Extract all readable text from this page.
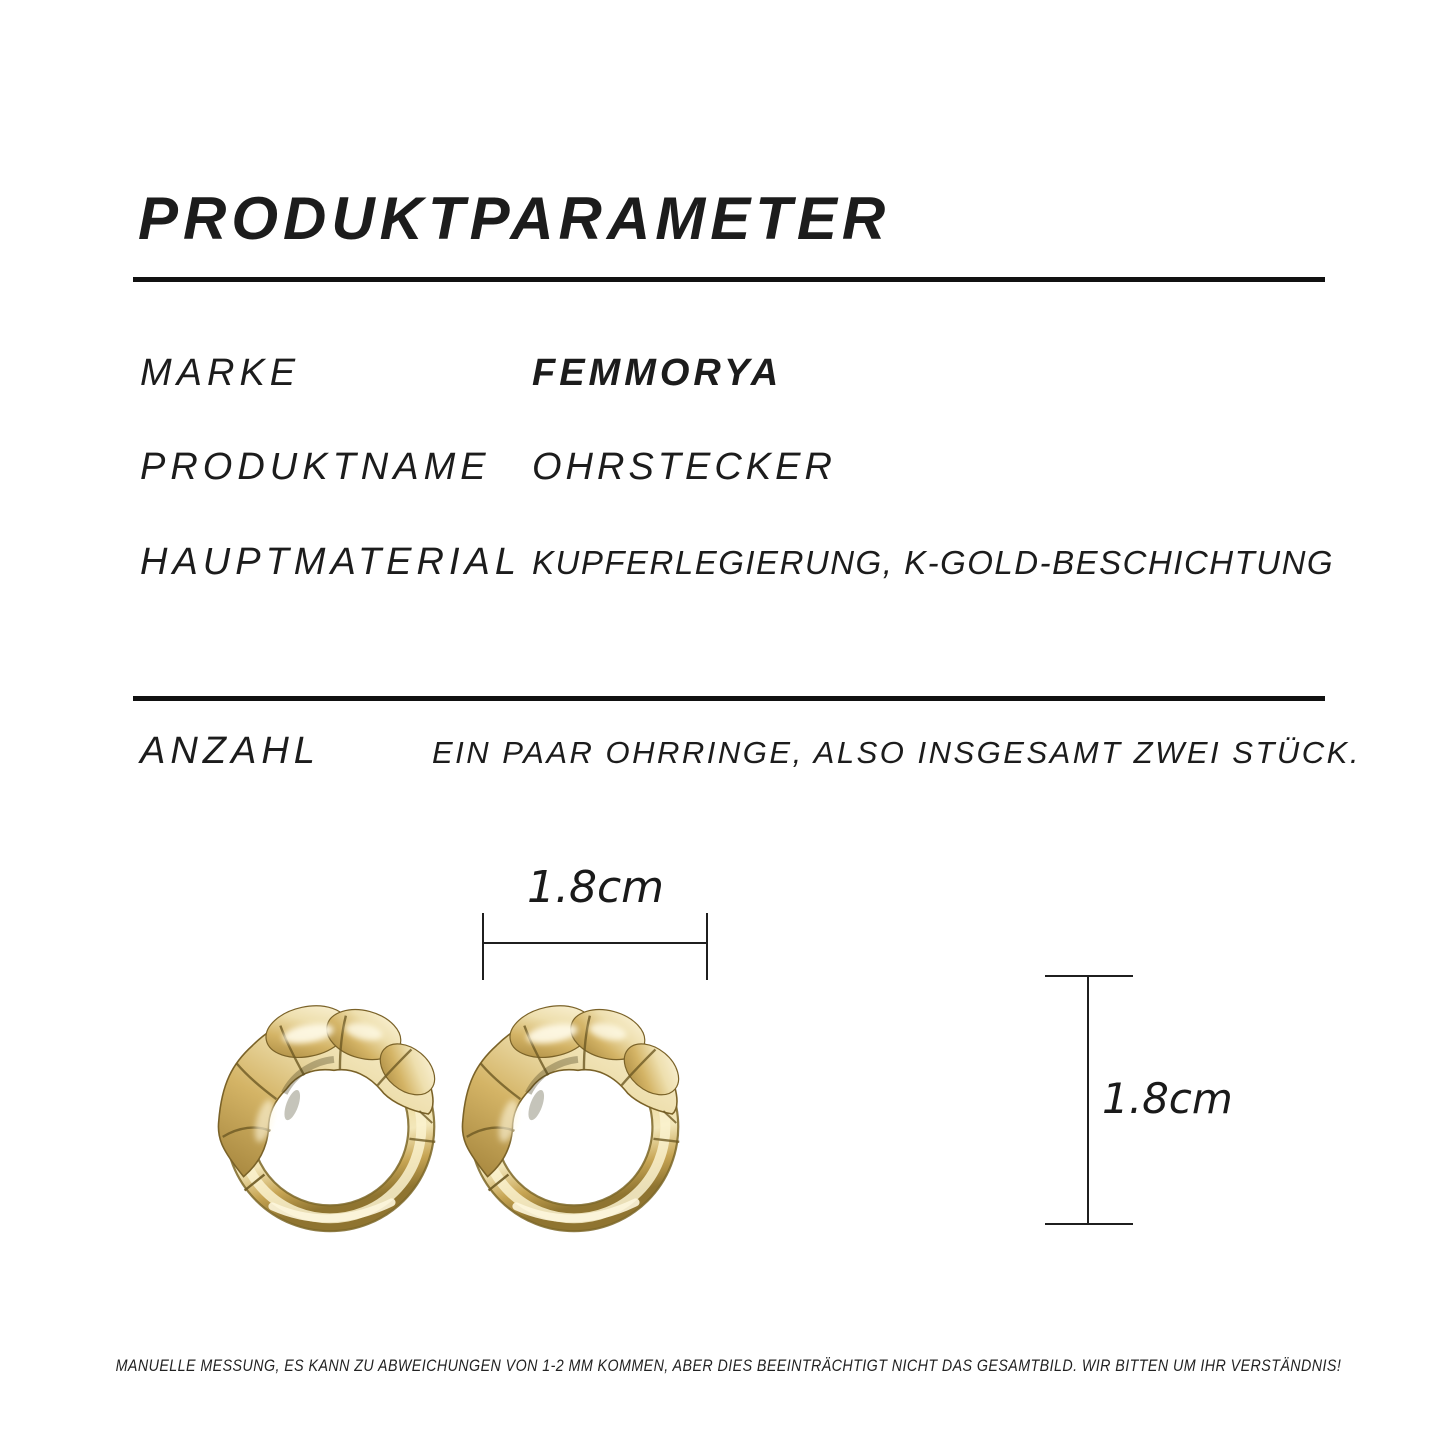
PRODUKTPARAMETER
MARKE	FEMMORYA
PRODUKTNAME	OHRSTECKER
HAUPTMATERIAL KUPFERLEGIERUNG, K-GOLD-BESCHICHTUNG
ANZAHL	EIN PAAR OHRRINGE, ALSO INSGESAMT ZWEI STÜCK.
1.8cm
1.8cm
MANUELLE MESSUNG, ES KANN ZU ABWEICHUNGEN VON 1-2 MM KOMMEN, ABER DIES BEEINTRÄCHTIGT NICHT DAS GESAMTBILD. WIR BITTEN UM IHR VERSTÄNDNIS!
